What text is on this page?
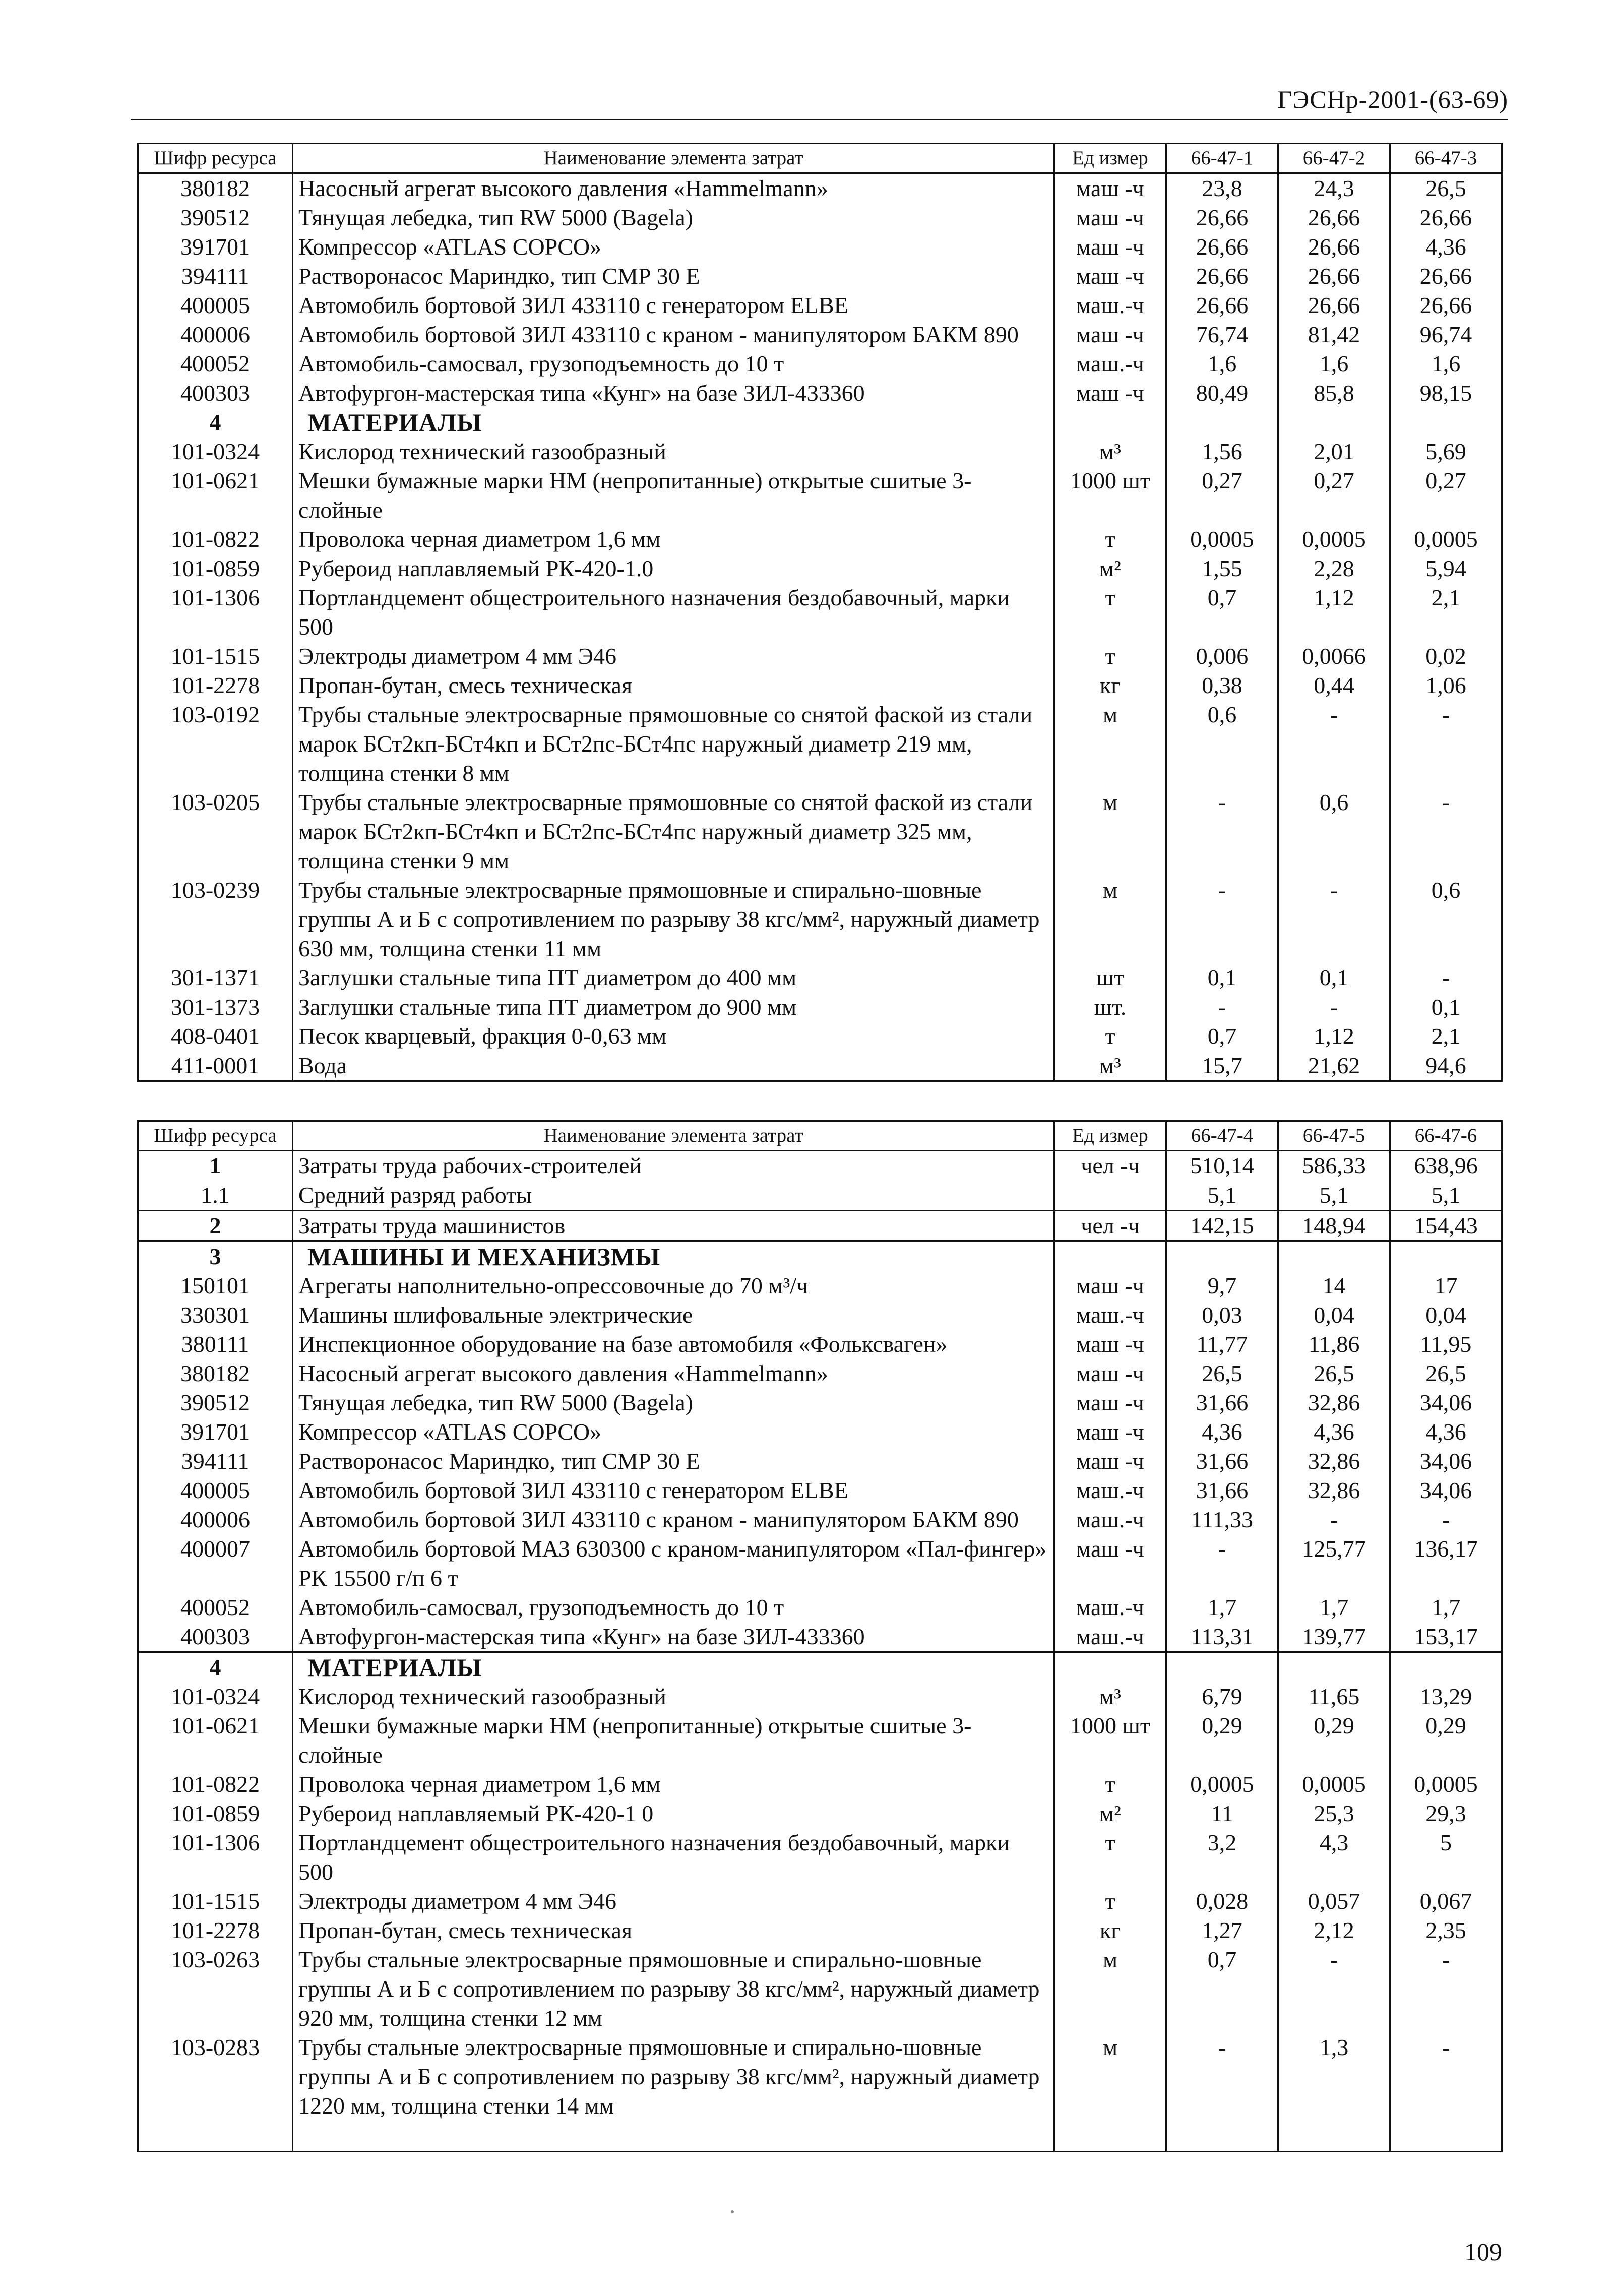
ГЭСНр-2001-(63-69)
Шифр ресурса	Наименование элемента затрат	Ед измер	66-47-1	66-47-2	66-47-3
380182	Насосный агрегат высокого давления «Hammelmann»	маш -ч	23,8	24,3	26,5
390512	Тянущая лебедка, тип RW 5000 (Bagela)	маш -ч	26,66	26,66	26,66
391701	Компрессор «ATLAS COPCO»	маш -ч	26,66	26,66	4,36
394111	Растворонасос Мариндко, тип СМР 30 Е	маш -ч	26,66	26,66	26,66
400005	Автомобиль бортовой ЗИЛ 433110 с генератором ELBE	маш.-ч	26,66	26,66	26,66
400006	Автомобиль бортовой ЗИЛ 433110 с краном - манипулятором БАКМ 890	маш -ч	76,74	81,42	96,74
400052	Автомобиль-самосвал, грузоподъемность до 10 т	маш.-ч	1,6	1,6	1,6
400303	Автофургон-мастерская типа «Кунг» на базе ЗИЛ-433360	маш -ч	80,49	85,8	98,15
4	МАТЕРИАЛЫ				
101-0324	Кислород технический газообразный	м³	1,56	2,01	5,69
101-0621	Мешки бумажные марки НМ (непропитанные) открытые сшитые 3-слойные	1000 шт	0,27	0,27	0,27
101-0822	Проволока черная диаметром 1,6 мм	т	0,0005	0,0005	0,0005
101-0859	Рубероид наплавляемый РК-420-1.0	м²	1,55	2,28	5,94
101-1306	Портландцемент общестроительного назначения бездобавочный, марки 500	т	0,7	1,12	2,1
101-1515	Электроды диаметром 4 мм Э46	т	0,006	0,0066	0,02
101-2278	Пропан-бутан, смесь техническая	кг	0,38	0,44	1,06
103-0192	Трубы стальные электросварные прямошовные со снятой фаской из стали марок БСт2кп-БСт4кп и БСт2пс-БСт4пс наружный диаметр 219 мм, толщина стенки 8 мм	м	0,6	-	-
103-0205	Трубы стальные электросварные прямошовные со снятой фаской из стали марок БСт2кп-БСт4кп и БСт2пс-БСт4пс наружный диаметр 325 мм, толщина стенки 9 мм	м	-	0,6	-
103-0239	Трубы стальные электросварные прямошовные и спирально-шовные группы А и Б с сопротивлением по разрыву 38 кгс/мм², наружный диаметр 630 мм, толщина стенки 11 мм	м	-	-	0,6
301-1371	Заглушки стальные типа ПТ диаметром до 400 мм	шт	0,1	0,1	-
301-1373	Заглушки стальные типа ПТ диаметром до 900 мм	шт.	-	-	0,1
408-0401	Песок кварцевый, фракция 0-0,63 мм	т	0,7	1,12	2,1
411-0001	Вода	м³	15,7	21,62	94,6
Шифр ресурса	Наименование элемента затрат	Ед измер	66-47-4	66-47-5	66-47-6
1	Затраты труда рабочих-строителей	чел -ч	510,14	586,33	638,96
1.1	Средний разряд работы		5,1	5,1	5,1
2	Затраты труда машинистов	чел -ч	142,15	148,94	154,43
3	МАШИНЫ И МЕХАНИЗМЫ				
150101	Агрегаты наполнительно-опрессовочные до 70 м³/ч	маш -ч	9,7	14	17
330301	Машины шлифовальные электрические	маш.-ч	0,03	0,04	0,04
380111	Инспекционное оборудование на базе автомобиля «Фольксваген»	маш -ч	11,77	11,86	11,95
380182	Насосный агрегат высокого давления «Hammelmann»	маш -ч	26,5	26,5	26,5
390512	Тянущая лебедка, тип RW 5000 (Bagela)	маш -ч	31,66	32,86	34,06
391701	Компрессор «ATLAS COPCO»	маш -ч	4,36	4,36	4,36
394111	Растворонасос Мариндко, тип СМР 30 Е	маш -ч	31,66	32,86	34,06
400005	Автомобиль бортовой ЗИЛ 433110 с генератором ELBE	маш.-ч	31,66	32,86	34,06
400006	Автомобиль бортовой ЗИЛ 433110 с краном - манипулятором БАКМ 890	маш.-ч	111,33	-	-
400007	Автомобиль бортовой МАЗ 630300 с краном-манипулятором «Пал-фингер» РК 15500 г/п 6 т	маш -ч	-	125,77	136,17
400052	Автомобиль-самосвал, грузоподъемность до 10 т	маш.-ч	1,7	1,7	1,7
400303	Автофургон-мастерская типа «Кунг» на базе ЗИЛ-433360	маш.-ч	113,31	139,77	153,17
4	МАТЕРИАЛЫ				
101-0324	Кислород технический газообразный	м³	6,79	11,65	13,29
101-0621	Мешки бумажные марки НМ (непропитанные) открытые сшитые 3-слойные	1000 шт	0,29	0,29	0,29
101-0822	Проволока черная диаметром 1,6 мм	т	0,0005	0,0005	0,0005
101-0859	Рубероид наплавляемый РК-420-1 0	м²	11	25,3	29,3
101-1306	Портландцемент общестроительного назначения бездобавочный, марки 500	т	3,2	4,3	5
101-1515	Электроды диаметром 4 мм Э46	т	0,028	0,057	0,067
101-2278	Пропан-бутан, смесь техническая	кг	1,27	2,12	2,35
103-0263	Трубы стальные электросварные прямошовные и спирально-шовные группы А и Б с сопротивлением по разрыву 38 кгс/мм², наружный диаметр 920 мм, толщина стенки 12 мм	м	0,7	-	-
103-0283	Трубы стальные электросварные прямошовные и спирально-шовные группы А и Б с сопротивлением по разрыву 38 кгс/мм², наружный диаметр 1220 мм, толщина стенки 14 мм	м	-	1,3	-

109
